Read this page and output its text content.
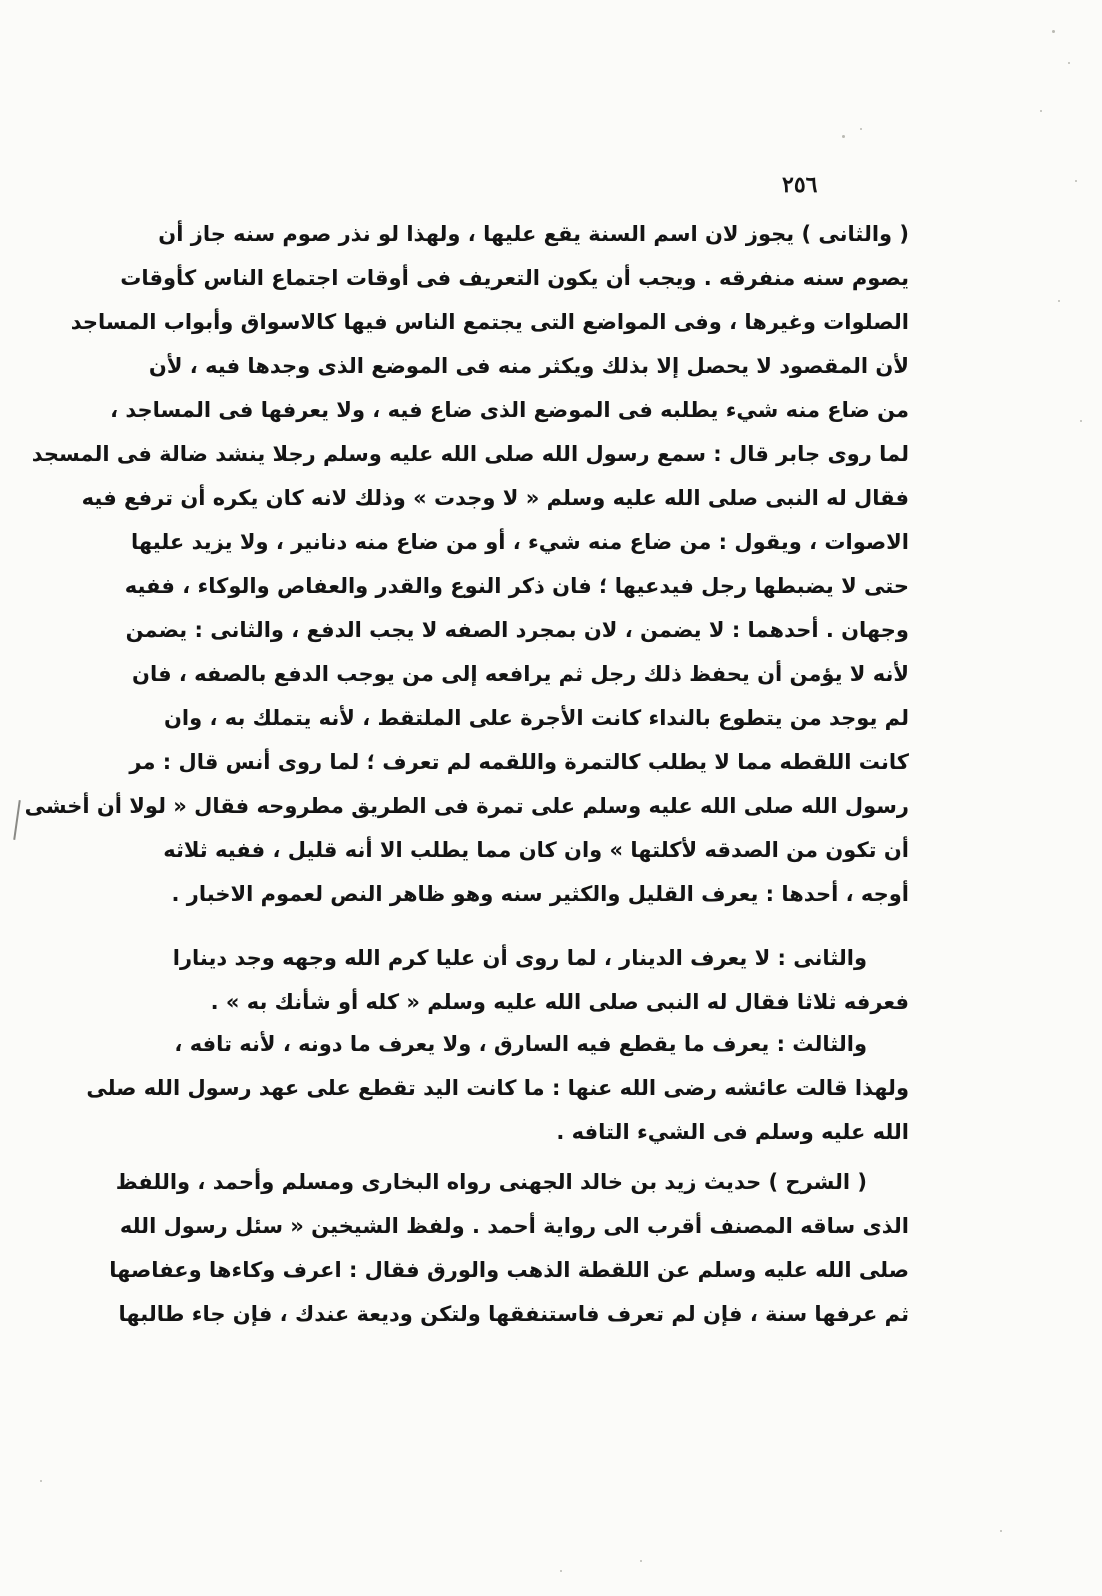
٢٥٦
( والثانى ) يجوز لان اسم السنة يقع عليها ، ولهذا لو نذر صوم سنه جاز أن
يصوم سنه منفرقه . ويجب أن يكون التعريف فى أوقات اجتماع الناس كأوقات
الصلوات وغيرها ، وفى المواضع التى يجتمع الناس فيها كالاسواق وأبواب المساجد
لأن المقصود لا يحصل إلا بذلك ويكثر منه فى الموضع الذى وجدها فيه ، لأن
من ضاع منه شيء يطلبه فى الموضع الذى ضاع فيه ، ولا يعرفها فى المساجد ،
لما روى جابر قال : سمع رسول الله صلى الله عليه وسلم رجلا ينشد ضالة فى المسجد
فقال له النبى صلى الله عليه وسلم « لا وجدت » وذلك لانه كان يكره أن ترفع فيه
الاصوات ، ويقول : من ضاع منه شيء ، أو من ضاع منه دنانير ، ولا يزيد عليها
حتى لا يضبطها رجل فيدعيها ؛ فان ذكر النوع والقدر والعفاص والوكاء ، ففيه
وجهان . أحدهما : لا يضمن ، لان بمجرد الصفه لا يجب الدفع ، والثانى : يضمن
لأنه لا يؤمن أن يحفظ ذلك رجل ثم يرافعه إلى من يوجب الدفع بالصفه ، فان
لم يوجد من يتطوع بالنداء كانت الأجرة على الملتقط ، لأنه يتملك به ، وان
كانت اللقطه مما لا يطلب كالتمرة واللقمه لم تعرف ؛ لما روى أنس قال : مر
رسول الله صلى الله عليه وسلم على تمرة فى الطريق مطروحه فقال « لولا أن أخشى
أن تكون من الصدقه لأكلتها » وان كان مما يطلب الا أنه قليل ، ففيه ثلاثه
أوجه ، أحدها : يعرف القليل والكثير سنه وهو ظاهر النص لعموم الاخبار .
والثانى : لا يعرف الدينار ، لما روى أن عليا كرم الله وجهه وجد دينارا
فعرفه ثلاثا فقال له النبى صلى الله عليه وسلم « كله أو شأنك به » .
والثالث : يعرف ما يقطع فيه السارق ، ولا يعرف ما دونه ، لأنه تافه ،
ولهذا قالت عائشه رضى الله عنها : ما كانت اليد تقطع على عهد رسول الله صلى
الله عليه وسلم فى الشيء التافه .
( الشرح ) حديث زيد بن خالد الجهنى رواه البخارى ومسلم وأحمد ، واللفظ
الذى ساقه المصنف أقرب الى رواية أحمد . ولفظ الشيخين « سئل رسول الله
صلى الله عليه وسلم عن اللقطة الذهب والورق فقال : اعرف وكاءها وعفاصها
ثم عرفها سنة ، فإن لم تعرف فاستنفقها ولتكن وديعة عندك ، فإن جاء طالبها
